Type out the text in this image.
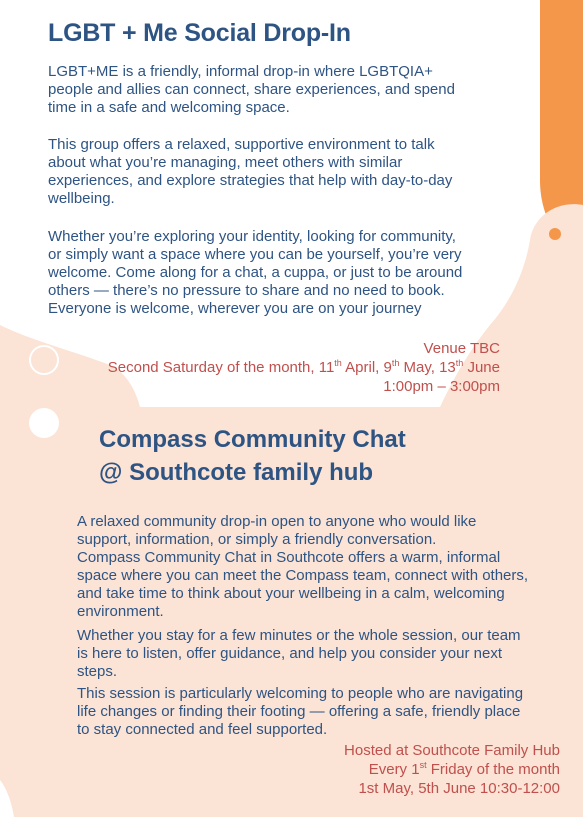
LGBT + Me Social Drop-In

LGBT+ME is a friendly, informal drop-in where LGBTQIA+
people and allies can connect, share experiences, and spend
time in a safe and welcoming space.

This group offers a relaxed, supportive environment to talk
about what you’re managing, meet others with similar
experiences, and explore strategies that help with day-to-day
wellbeing.

Whether you’re exploring your identity, looking for community,
or simply want a space where you can be yourself, you’re very
welcome. Come along for a chat, a cuppa, or just to be around
others — there’s no pressure to share and no need to book.
Everyone is welcome, wherever you are on your journey

Venue TBC
Second Saturday of the month, 11th April, 9th May, 13th June
1:00pm – 3:00pm
Compass Community Chat
@ Southcote family hub

A relaxed community drop-in open to anyone who would like
support, information, or simply a friendly conversation.

Compass Community Chat in Southcote offers a warm, informal
space where you can meet the Compass team, connect with others,
and take time to think about your wellbeing in a calm, welcoming
environment.

Whether you stay for a few minutes or the whole session, our team
is here to listen, offer guidance, and help you consider your next
steps.

This session is particularly welcoming to people who are navigating
life changes or finding their footing — offering a safe, friendly place
to stay connected and feel supported.

Hosted at Southcote Family Hub
Every 1st Friday of the month
1st May, 5th June 10:30-12:00
